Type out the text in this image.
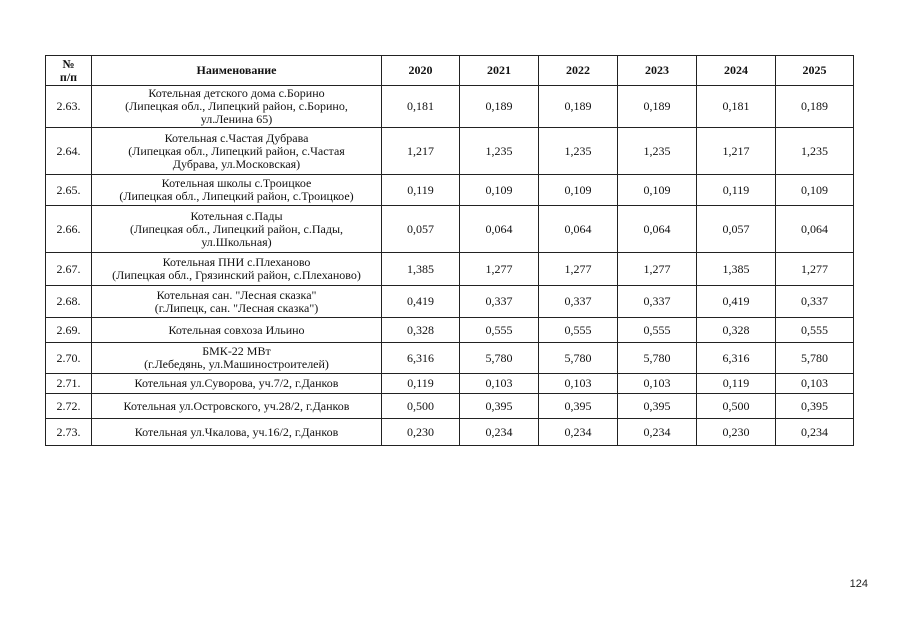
№
п/п	Наименование	2020	2021	2022	2023	2024	2025
2.63.	Котельная детского дома с.Борино
(Липецкая обл., Липецкий район, с.Борино,
ул.Ленина 65)	0,181	0,189	0,189	0,189	0,181	0,189
2.64.	Котельная с.Частая Дубрава
(Липецкая обл., Липецкий район, с.Частая
Дубрава, ул.Московская)	1,217	1,235	1,235	1,235	1,217	1,235
2.65.	Котельная школы с.Троицкое
(Липецкая обл., Липецкий район, с.Троицкое)	0,119	0,109	0,109	0,109	0,119	0,109
2.66.	Котельная с.Пады
(Липецкая обл., Липецкий район, с.Пады,
ул.Школьная)	0,057	0,064	0,064	0,064	0,057	0,064
2.67.	Котельная ПНИ с.Плеханово
(Липецкая обл., Грязинский район, с.Плеханово)	1,385	1,277	1,277	1,277	1,385	1,277
2.68.	Котельная сан. "Лесная сказка"
(г.Липецк, сан. "Лесная сказка")	0,419	0,337	0,337	0,337	0,419	0,337
2.69.	Котельная совхоза Ильино	0,328	0,555	0,555	0,555	0,328	0,555
2.70.	БМК-22 МВт
(г.Лебедянь, ул.Машиностроителей)	6,316	5,780	5,780	5,780	6,316	5,780
2.71.	Котельная ул.Суворова, уч.7/2, г.Данков	0,119	0,103	0,103	0,103	0,119	0,103
2.72.	Котельная ул.Островского, уч.28/2, г.Данков	0,500	0,395	0,395	0,395	0,500	0,395
2.73.	Котельная ул.Чкалова, уч.16/2, г.Данков	0,230	0,234	0,234	0,234	0,230	0,234
124
